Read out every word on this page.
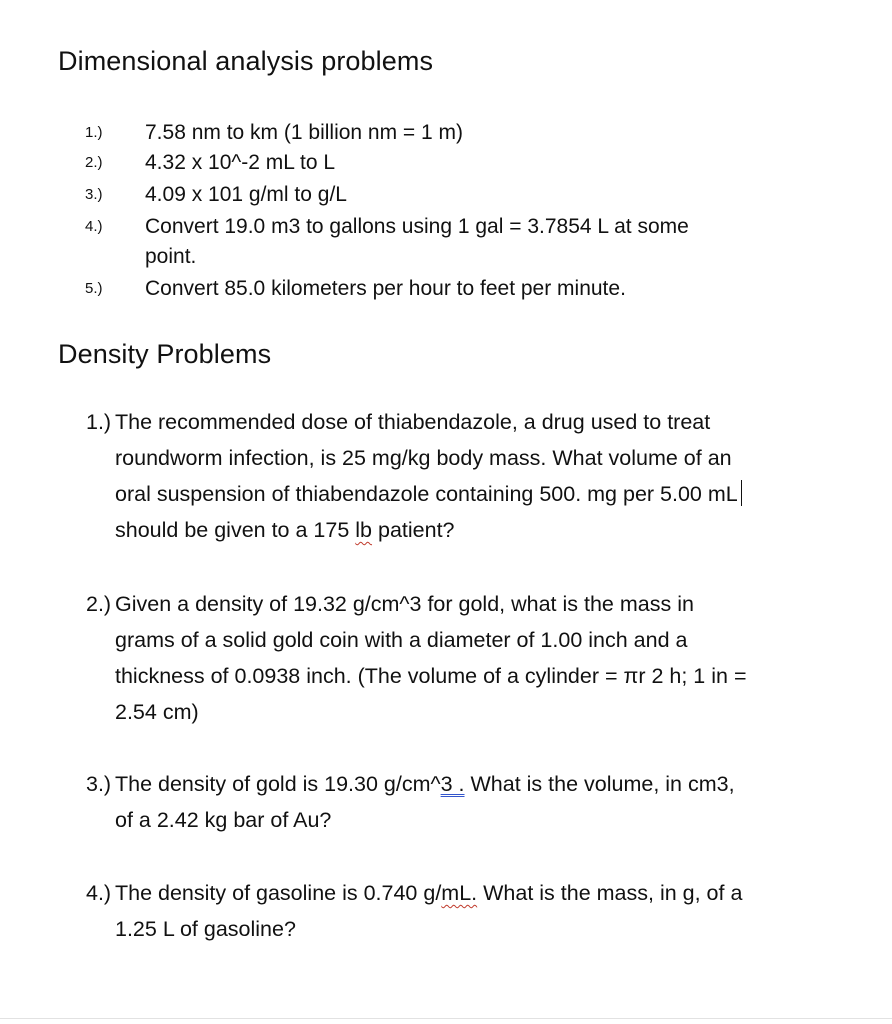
Dimensional analysis problems
1.) 7.58 nm to km (1 billion nm = 1 m)
2.) 4.32 x 10^-2 mL to L
3.) 4.09 x 101 g/ml to g/L
4.) Convert 19.0 m3 to gallons using 1 gal = 3.7854 L at some
point.
5.) Convert 85.0 kilometers per hour to feet per minute.
Density Problems
1.) The recommended dose of thiabendazole, a drug used to treat
roundworm infection, is 25 mg/kg body mass. What volume of an
oral suspension of thiabendazole containing 500. mg per 5.00 mL
should be given to a 175 lb patient?
2.) Given a density of 19.32 g/cm^3 for gold, what is the mass in
grams of a solid gold coin with a diameter of 1.00 inch and a
thickness of 0.0938 inch. (The volume of a cylinder = πr 2 h; 1 in =
2.54 cm)
3.) The density of gold is 19.30 g/cm^3 . What is the volume, in cm3,
of a 2.42 kg bar of Au?
4.) The density of gasoline is 0.740 g/mL. What is the mass, in g, of a
1.25 L of gasoline?
